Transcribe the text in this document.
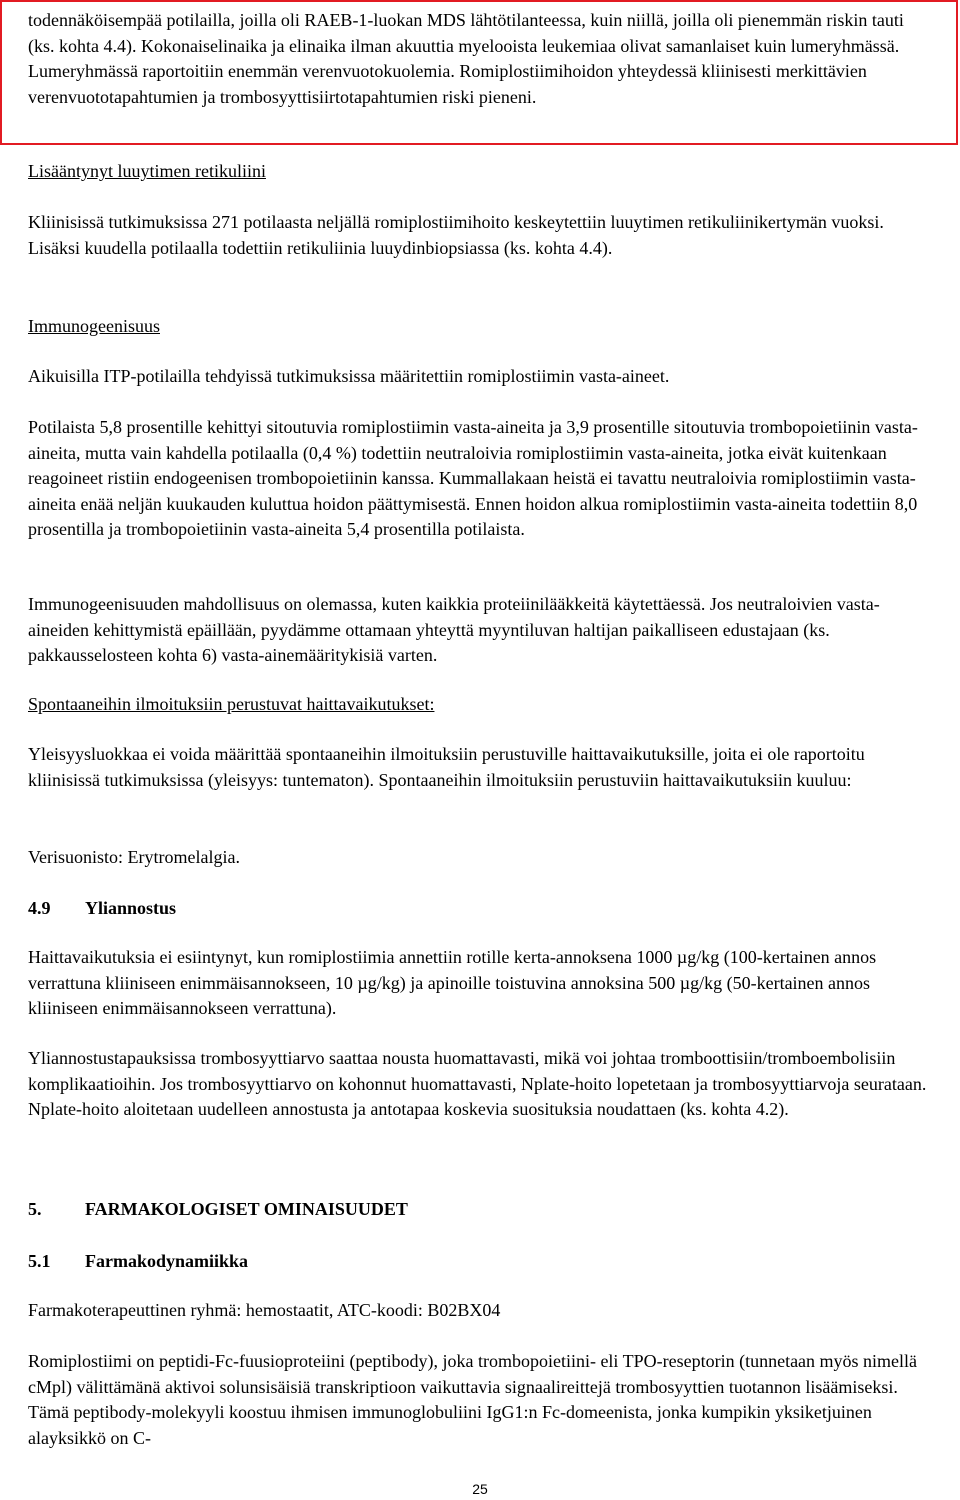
todennäköisempää potilailla, joilla oli RAEB-1-luokan MDS lähtötilanteessa, kuin niillä, joilla oli pienemmän riskin tauti (ks. kohta 4.4). Kokonaiselinaika ja elinaika ilman akuuttia myelooista leukemiaa olivat samanlaiset kuin lumeryhmässä. Lumeryhmässä raportoitiin enemmän verenvuotokuolemia. Romiplostiimihoidon yhteydessä kliinisesti merkittävien verenvuototapahtumien ja trombosyyttisiirtotapahtumien riski pieneni.

Lisääntynyt luuytimen retikuliini

Kliinisissä tutkimuksissa 271 potilaasta neljällä romiplostiimihoito keskeytettiin luuytimen retikuliinikertymän vuoksi. Lisäksi kuudella potilaalla todettiin retikuliinia luuydinbiopsiassa (ks. kohta 4.4).

Immunogeenisuus

Aikuisilla ITP-potilailla tehdyissä tutkimuksissa määritettiin romiplostiimin vasta-aineet.

Potilaista 5,8 prosentille kehittyi sitoutuvia romiplostiimin vasta-aineita ja 3,9 prosentille sitoutuvia trombopoietiinin vasta-aineita, mutta vain kahdella potilaalla (0,4 %) todettiin neutraloivia romiplostiimin vasta-aineita, jotka eivät kuitenkaan reagoineet ristiin endogeenisen trombopoietiinin kanssa. Kummallakaan heistä ei tavattu neutraloivia romiplostiimin vasta-aineita enää neljän kuukauden kuluttua hoidon päättymisestä. Ennen hoidon alkua romiplostiimin vasta-aineita todettiin 8,0 prosentilla ja trombopoietiinin vasta-aineita 5,4 prosentilla potilaista.

Immunogeenisuuden mahdollisuus on olemassa, kuten kaikkia proteiinilääkkeitä käytettäessä. Jos neutraloivien vasta-aineiden kehittymistä epäillään, pyydämme ottamaan yhteyttä myyntiluvan haltijan paikalliseen edustajaan (ks. pakkausselosteen kohta 6) vasta-ainemääritykisiä varten.

Spontaaneihin ilmoituksiin perustuvat haittavaikutukset:

Yleisyysluokkaa ei voida määrittää spontaaneihin ilmoituksiin perustuville haittavaikutuksille, joita ei ole raportoitu kliinisissä tutkimuksissa (yleisyys: tuntematon). Spontaaneihin ilmoituksiin perustuviin haittavaikutuksiin kuuluu:

Verisuonisto: Erytromelalgia.

4.9 Yliannostus

Haittavaikutuksia ei esiintynyt, kun romiplostiimia annettiin rotille kerta-annoksena 1000 µg/kg (100-kertainen annos verrattuna kliiniseen enimmäisannokseen, 10 µg/kg) ja apinoille toistuvina annoksina 500 µg/kg (50-kertainen annos kliiniseen enimmäisannokseen verrattuna).

Yliannostustapauksissa trombosyyttiarvo saattaa nousta huomattavasti, mikä voi johtaa tromboottisiin/tromboembolisiin komplikaatioihin. Jos trombosyyttiarvo on kohonnut huomattavasti, Nplate-hoito lopetetaan ja trombosyyttiarvoja seurataan. Nplate-hoito aloitetaan uudelleen annostusta ja antotapaa koskevia suosituksia noudattaen (ks. kohta 4.2).

5. FARMAKOLOGISET OMINAISUUDET

5.1 Farmakodynamiikka

Farmakoterapeuttinen ryhmä: hemostaatit, ATC-koodi: B02BX04

Romiplostiimi on peptidi-Fc-fuusioproteiini (peptibody), joka trombopoietiini- eli TPO-reseptorin (tunnetaan myös nimellä cMpl) välittämänä aktivoi solunsisäisiä transkriptioon vaikuttavia signaalireittejä trombosyyttien tuotannon lisäämiseksi. Tämä peptibody-molekyyli koostuu ihmisen immunoglobuliini IgG1:n Fc-domeenista, jonka kumpikin yksiketjuinen alayksikkö on C-

25
